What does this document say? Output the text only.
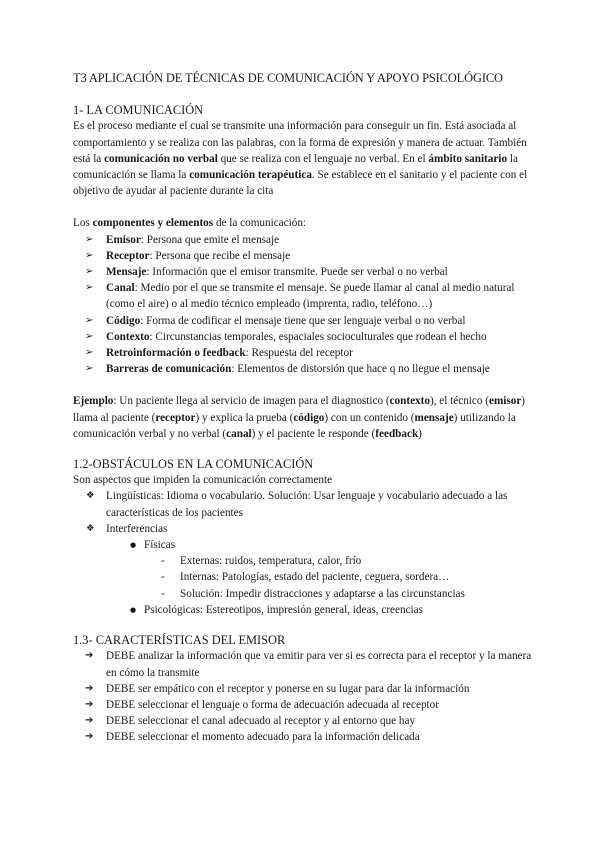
T3 APLICACIÓN DE TÉCNICAS DE COMUNICACIÓN Y APOYO PSICOLÓGICO
1- LA COMUNICACIÓN

Es el proceso mediante el cual se transmite una información para conseguir un fin. Está asociada al comportamiento y se realiza con las palabras, con la forma de expresión y manera de actuar. También está la comunicación no verbal que se realiza con el lenguaje no verbal. En el ámbito sanitario la comunicación se llama la comunicación terapéutica. Se establece en el sanitario y el paciente con el objetivo de ayudar al paciente durante la cita

Los componentes y elementos de la comunicación:

➢ Emisor: Persona que emite el mensaje
➢ Receptor: Persona que recibe el mensaje
➢ Mensaje: Información que el emisor transmite. Puede ser verbal o no verbal
➢ Canal: Medio por el que se transmite el mensaje. Se puede llamar al canal al medio natural (como el aire) o al medio técnico empleado (imprenta, radio, teléfono…)
➢ Código: Forma de codificar el mensaje tiene que ser lenguaje verbal o no verbal
➢ Contexto: Circunstancias temporales, espaciales socioculturales que rodean el hecho
➢ Retroinformación o feedback: Respuesta del receptor
➢ Barreras de comunicación: Elementos de distorsión que hace q no llegue el mensaje

Ejemplo: Un paciente llega al servicio de imagen para el diagnostico (contexto), el técnico (emisor) llama al paciente (receptor) y explica la prueba (código) con un contenido (mensaje) utilizando la comunicación verbal y no verbal (canal) y el paciente le responde (feedback)

1.2-OBSTÁCULOS EN LA COMUNICACIÓN

Son aspectos que impiden la comunicación correctamente

❖ Lingüísticas: Idioma o vocabulario. Solución: Usar lenguaje y vocabulario adecuado a las características de los pacientes
❖ Interferencias
● Físicas
- Externas: ruidos, temperatura, calor, frío
- Internas: Patologías, estado del paciente, ceguera, sordera…
- Solución: Impedir distracciones y adaptarse a las circunstancias
● Psicológicas: Estereotipos, impresión general, ideas, creencias
1.3- CARACTERÍSTICAS DEL EMISOR
➔ DEBE analizar la información que va emitir para ver si es correcta para el receptor y la manera en cómo la transmite
➔ DEBE ser empático con el receptor y ponerse en su lugar para dar la información
➔ DEBE seleccionar el lenguaje o forma de adecuación adecuada al receptor
➔ DEBE seleccionar el canal adecuado al receptor y al entorno que hay
➔ DEBE seleccionar el momento adecuado para la información delicada
